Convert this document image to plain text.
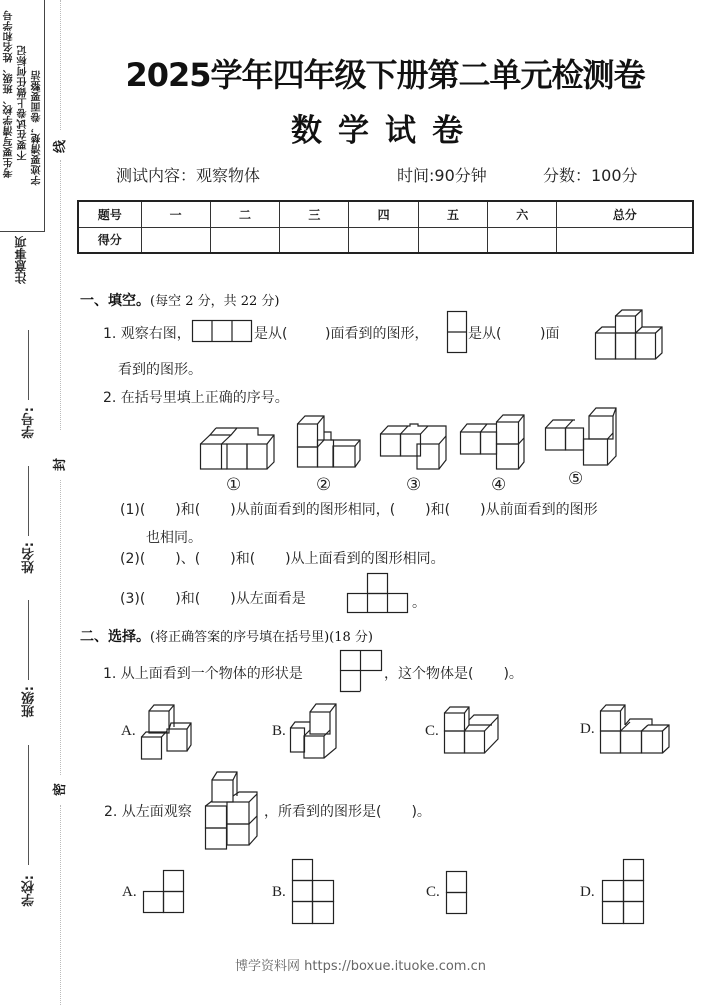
考生要写清学校、班级、姓名和学号 不要在试卷上做任何标记 字迹要清楚，卷面要整洁
注意事项
线
封
密
学号:
姓名:
班级:
学校:
2025学年四年级下册第二单元检测卷
数学试卷
测试内容：观察物体	时间:90分钟	分数：100分
题号	一	二	三	四	五	六	总分
得分							
一、填空。(每空 2 分，共 22 分)
1. 观察右图，	是从(	)面看到的图形，	是从(	)面
看到的图形。
2. 在括号里填上正确的序号。
①	②	③	④	⑤
(1)( )和( )从前面看到的图形相同，( )和( )从前面看到的图形
也相同。
(2)( )、( )和( )从上面看到的图形相同。
(3)( )和( )从左面看是	。
二、选择。(将正确答案的序号填在括号里)(18 分)
1. 从上面看到一个物体的形状是	，这个物体是( )。
A.	B.	C.	D.
2. 从左面观察	，所看到的图形是( )。
A.	B.	C.	D.
博学资料网 https://boxue.ituoke.com.cn
